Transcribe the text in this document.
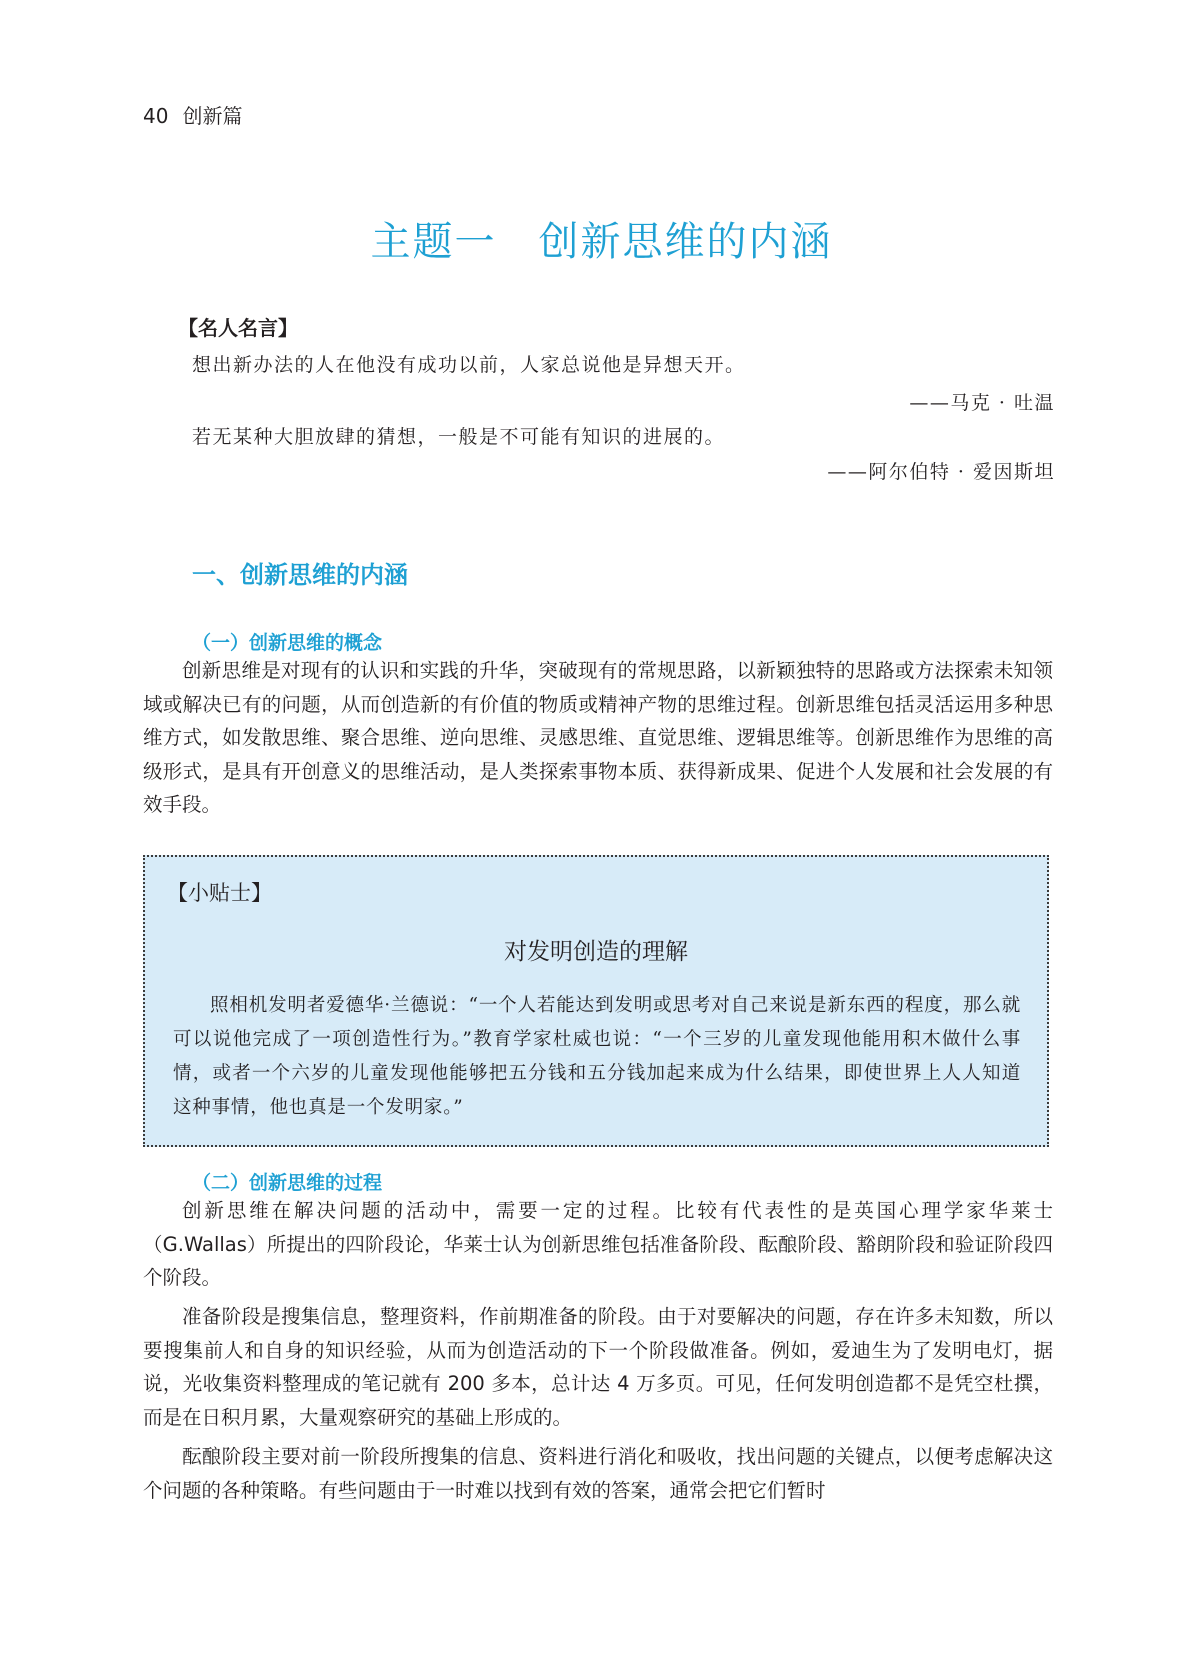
40 创新篇
主题一　创新思维的内涵
【名人名言】
想出新办法的人在他没有成功以前，人家总说他是异想天开。
——马克 · 吐温
若无某种大胆放肆的猜想，一般是不可能有知识的进展的。
——阿尔伯特 · 爱因斯坦
一、创新思维的内涵
（一）创新思维的概念

创新思维是对现有的认识和实践的升华，突破现有的常规思路，以新颖独特的思路或方法探索未知领域或解决已有的问题，从而创造新的有价值的物质或精神产物的思维过程。创新思维包括灵活运用多种思维方式，如发散思维、聚合思维、逆向思维、灵感思维、直觉思维、逻辑思维等。创新思维作为思维的高级形式，是具有开创意义的思维活动，是人类探索事物本质、获得新成果、促进个人发展和社会发展的有效手段。

【小贴士】
对发明创造的理解

照相机发明者爱德华·兰德说：“一个人若能达到发明或思考对自己来说是新东西的程度，那么就可以说他完成了一项创造性行为。”教育学家杜威也说：“一个三岁的儿童发现他能用积木做什么事情，或者一个六岁的儿童发现他能够把五分钱和五分钱加起来成为什么结果，即使世界上人人知道这种事情，他也真是一个发明家。”

（二）创新思维的过程

创新思维在解决问题的活动中，需要一定的过程。比较有代表性的是英国心理学家华莱士（G.Wallas）所提出的四阶段论，华莱士认为创新思维包括准备阶段、酝酿阶段、豁朗阶段和验证阶段四个阶段。

准备阶段是搜集信息，整理资料，作前期准备的阶段。由于对要解决的问题，存在许多未知数，所以要搜集前人和自身的知识经验，从而为创造活动的下一个阶段做准备。例如，爱迪生为了发明电灯，据说，光收集资料整理成的笔记就有 200 多本，总计达 4 万多页。可见，任何发明创造都不是凭空杜撰，而是在日积月累，大量观察研究的基础上形成的。

酝酿阶段主要对前一阶段所搜集的信息、资料进行消化和吸收，找出问题的关键点，以便考虑解决这个问题的各种策略。有些问题由于一时难以找到有效的答案，通常会把它们暂时
